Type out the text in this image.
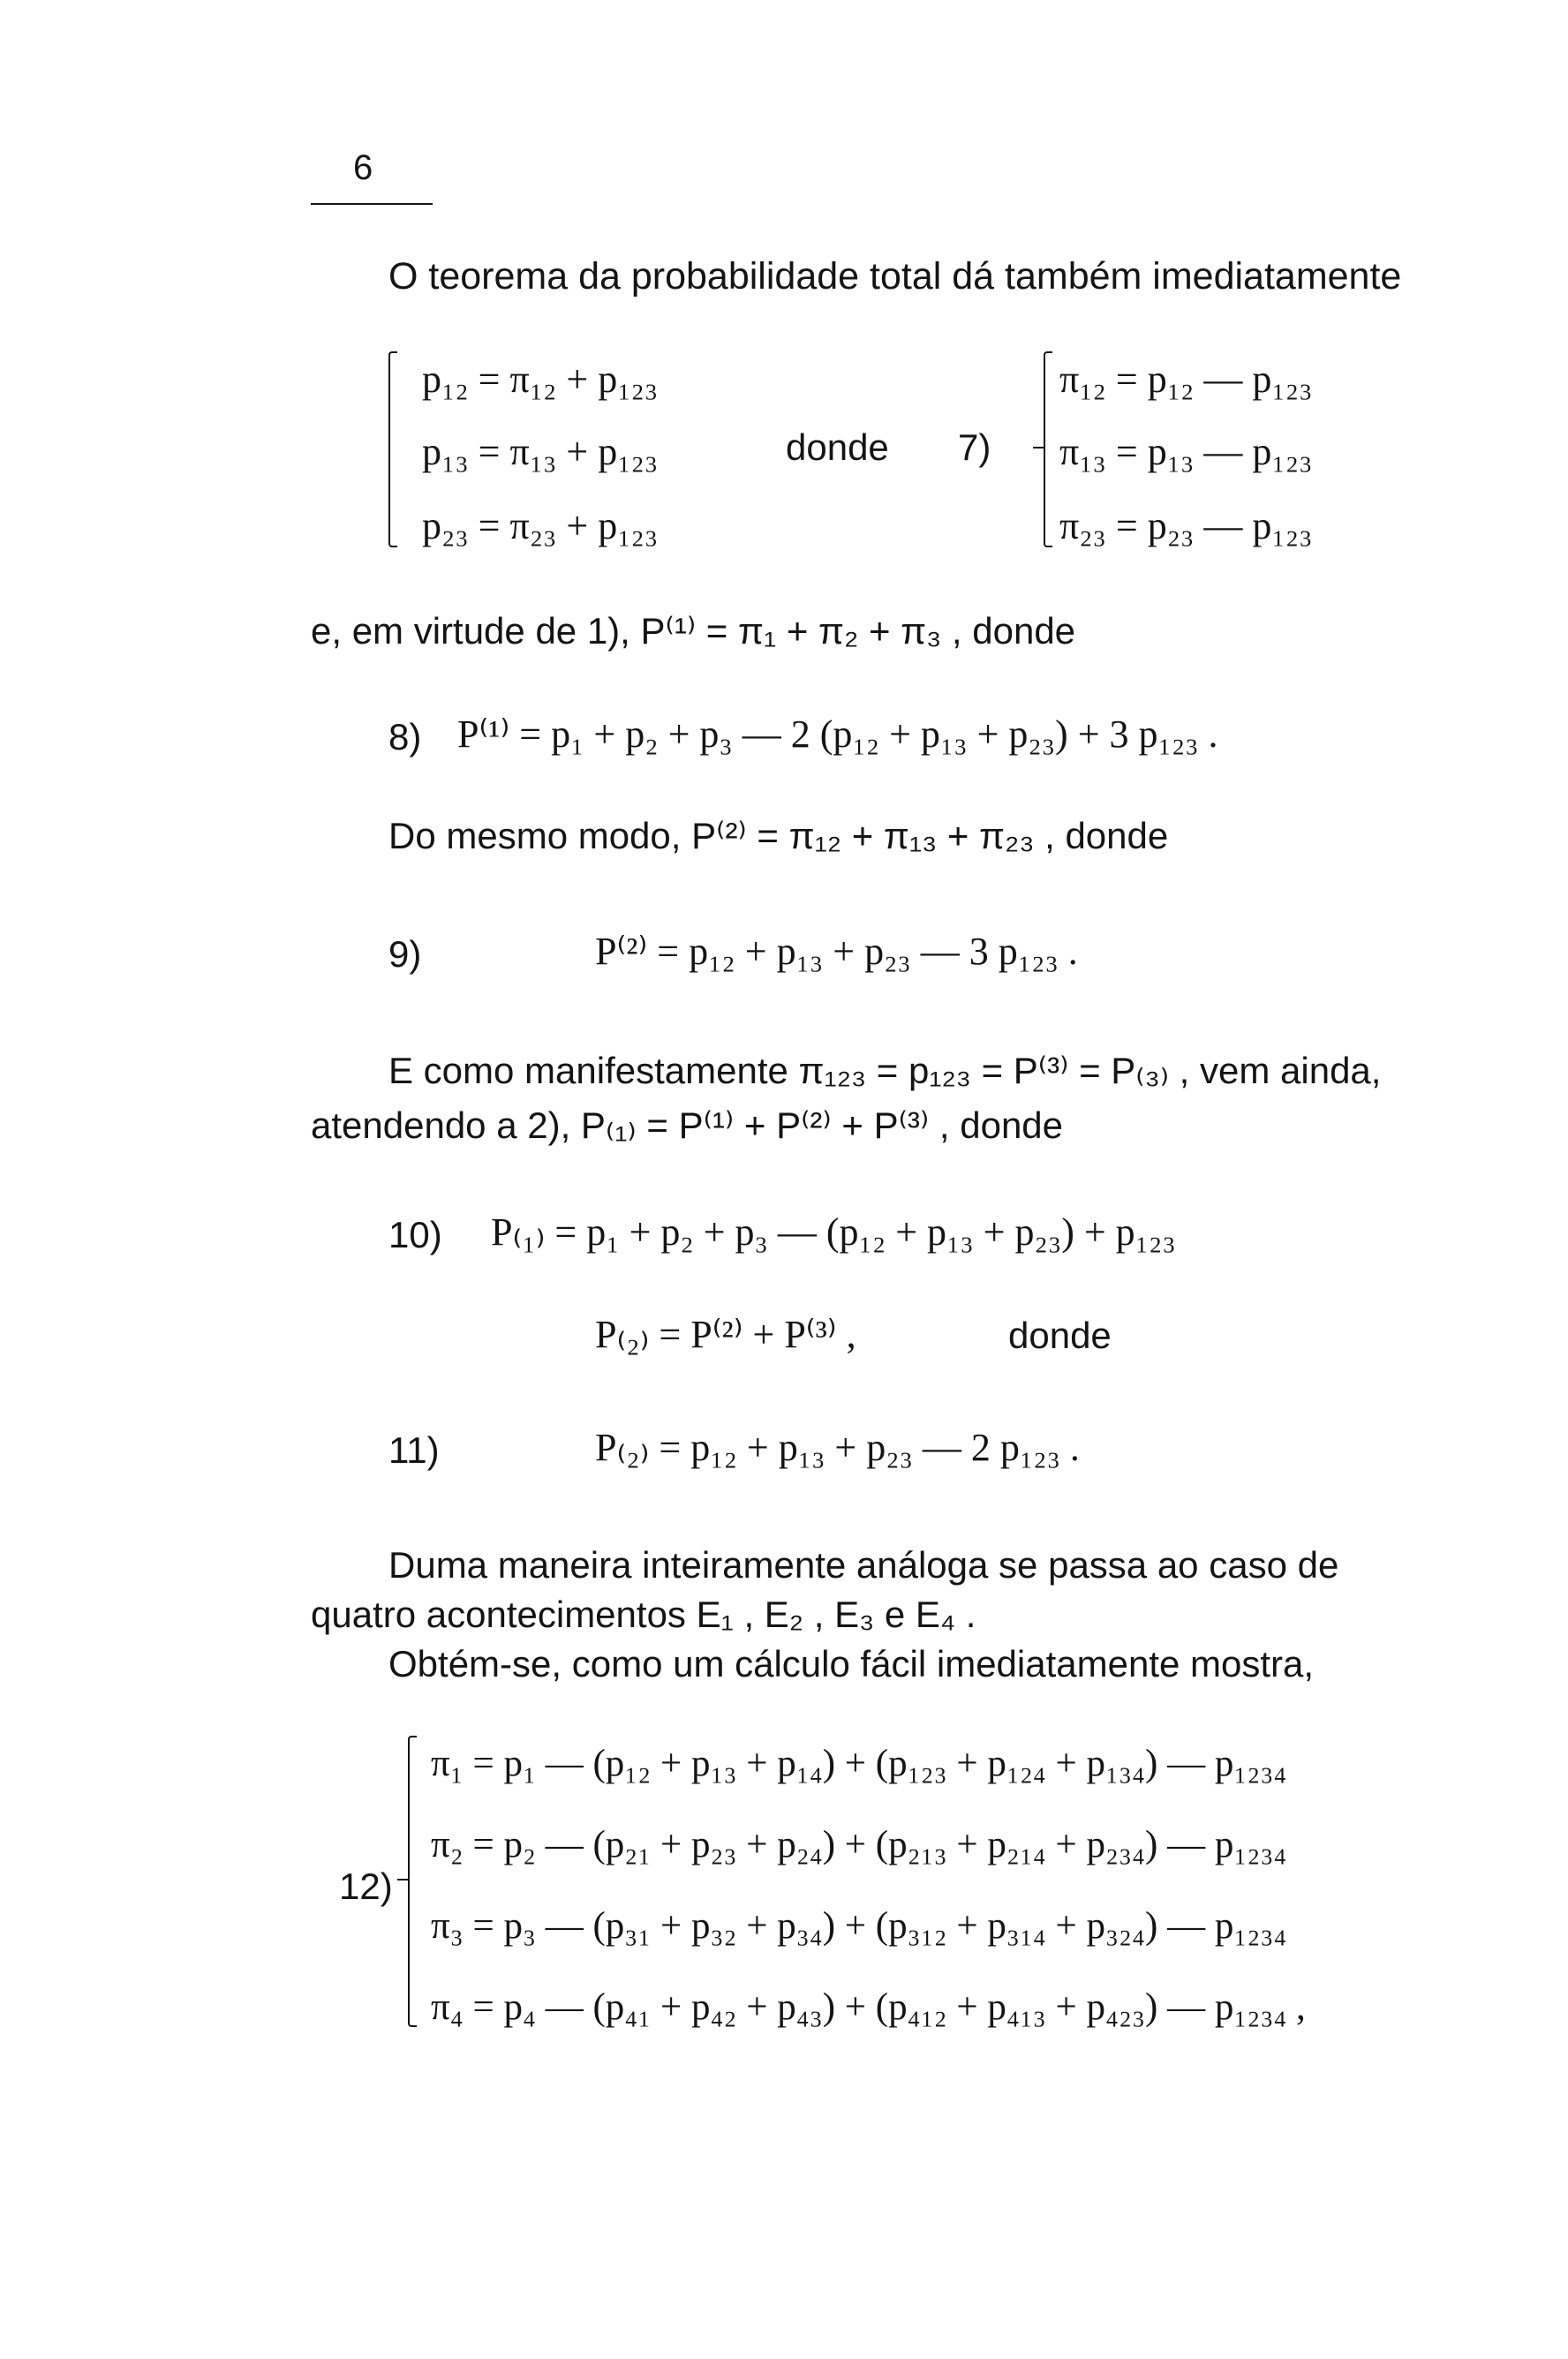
6
O teorema da probabilidade total dá também imediatamente
p₁₂ = π₁₂ + p₁₂₃
p₁₃ = π₁₃ + p₁₂₃
p₂₃ = π₂₃ + p₁₂₃
donde 7)
π₁₂ = p₁₂ — p₁₂₃
π₁₃ = p₁₃ — p₁₂₃
π₂₃ = p₂₃ — p₁₂₃
e, em virtude de 1), P⁽¹⁾ = π₁ + π₂ + π₃ , donde
8) P⁽¹⁾ = p₁ + p₂ + p₃ — 2 (p₁₂ + p₁₃ + p₂₃) + 3 p₁₂₃ .
Do mesmo modo, P⁽²⁾ = π₁₂ + π₁₃ + π₂₃ , donde
9)	P⁽²⁾ = p₁₂ + p₁₃ + p₂₃ — 3 p₁₂₃ .
E como manifestamente π₁₂₃ = p₁₂₃ = P⁽³⁾ = P₍₃₎ , vem ainda,
atendendo a 2), P₍₁₎ = P⁽¹⁾ + P⁽²⁾ + P⁽³⁾ , donde
10) P₍₁₎ = p₁ + p₂ + p₃ — (p₁₂ + p₁₃ + p₂₃) + p₁₂₃
P₍₂₎ = P⁽²⁾ + P⁽³⁾ ,	donde
11)	P₍₂₎ = p₁₂ + p₁₃ + p₂₃ — 2 p₁₂₃ .
Duma maneira inteiramente análoga se passa ao caso de
quatro acontecimentos E₁ , E₂ , E₃ e E₄ .
Obtém-se, como um cálculo fácil imediatamente mostra,
12)
π₁ = p₁ — (p₁₂ + p₁₃ + p₁₄) + (p₁₂₃ + p₁₂₄ + p₁₃₄) — p₁₂₃₄
π₂ = p₂ — (p₂₁ + p₂₃ + p₂₄) + (p₂₁₃ + p₂₁₄ + p₂₃₄) — p₁₂₃₄
π₃ = p₃ — (p₃₁ + p₃₂ + p₃₄) + (p₃₁₂ + p₃₁₄ + p₃₂₄) — p₁₂₃₄
π₄ = p₄ — (p₄₁ + p₄₂ + p₄₃) + (p₄₁₂ + p₄₁₃ + p₄₂₃) — p₁₂₃₄ ,
